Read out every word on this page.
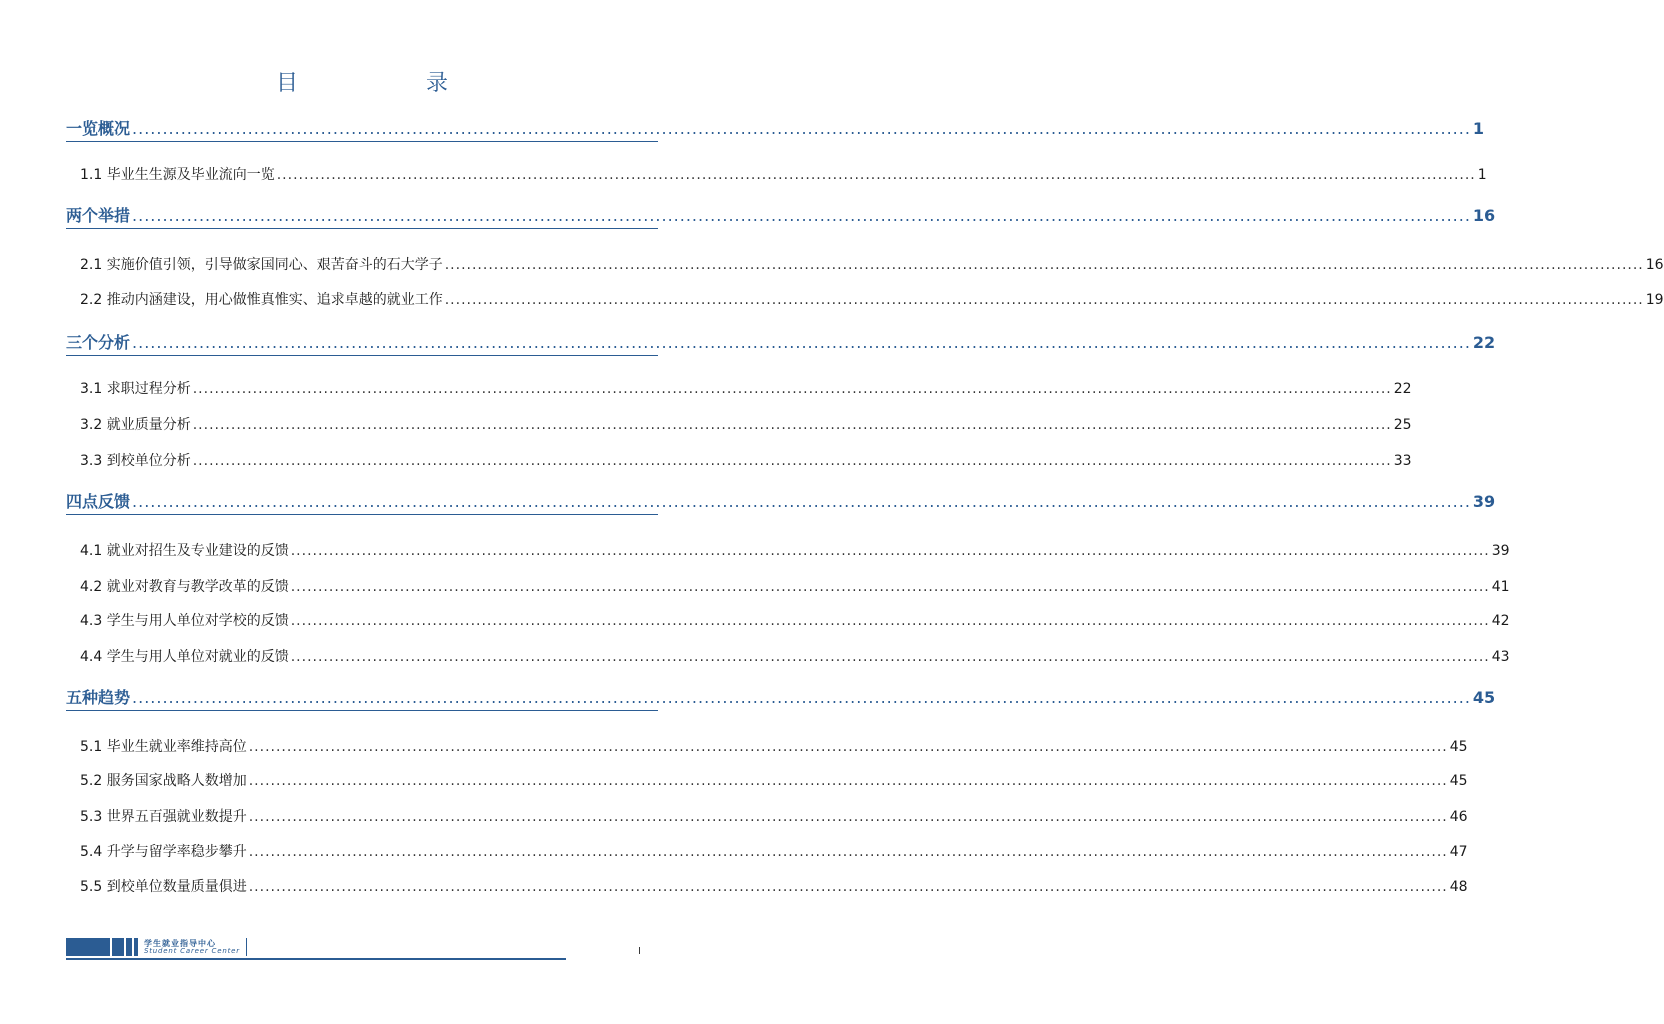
目　　录
一览概况 ............................................................................................................................................................................................................................ 1
1.1 毕业生生源及毕业流向一览 ............................................................................................................................................................................................................................ 1
两个举措 ............................................................................................................................................................................................................................ 16
2.1 实施价值引领，引导做家国同心、艰苦奋斗的石大学子 ............................................................................................................................................................................................................................ 16
2.2 推动内涵建设，用心做惟真惟实、追求卓越的就业工作 ............................................................................................................................................................................................................................ 19
三个分析 ............................................................................................................................................................................................................................ 22
3.1 求职过程分析 ............................................................................................................................................................................................................................ 22
3.2 就业质量分析 ............................................................................................................................................................................................................................ 25
3.3 到校单位分析 ............................................................................................................................................................................................................................ 33
四点反馈 ............................................................................................................................................................................................................................ 39
4.1 就业对招生及专业建设的反馈 ............................................................................................................................................................................................................................ 39
4.2 就业对教育与教学改革的反馈 ............................................................................................................................................................................................................................ 41
4.3 学生与用人单位对学校的反馈 ............................................................................................................................................................................................................................ 42
4.4 学生与用人单位对就业的反馈 ............................................................................................................................................................................................................................ 43
五种趋势 ............................................................................................................................................................................................................................ 45
5.1 毕业生就业率维持高位 ............................................................................................................................................................................................................................ 45
5.2 服务国家战略人数增加 ............................................................................................................................................................................................................................ 45
5.3 世界五百强就业数提升 ............................................................................................................................................................................................................................ 46
5.4 升学与留学率稳步攀升 ............................................................................................................................................................................................................................ 47
5.5 到校单位数量质量俱进 ............................................................................................................................................................................................................................ 48
学生就业指导中心
Student Career Center	I
